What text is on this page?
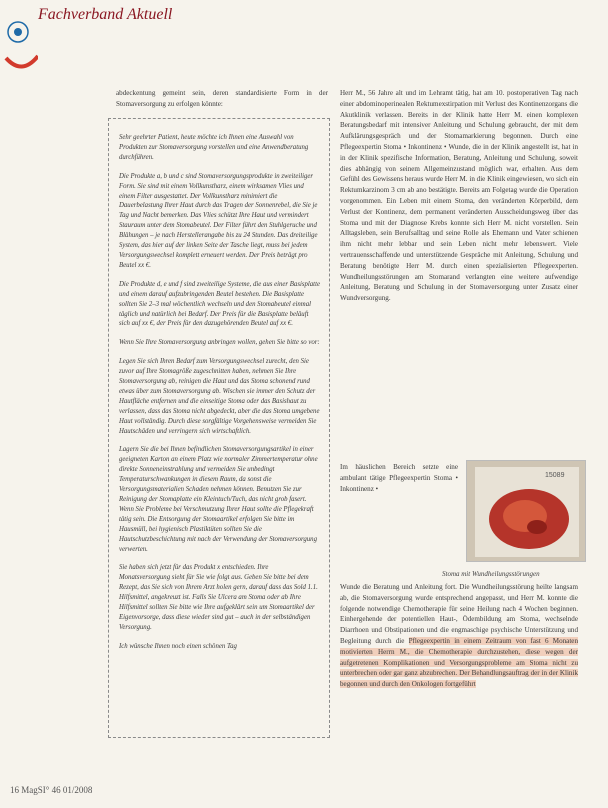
Fachverband Aktuell

abdeckentung gemeint sein, deren standardisierte Form in der Stomaversorgung zu erfolgen könnte:

Sehr geehrter Patient, heute möchte ich Ihnen eine Auswahl von Produkten zur Stomaversorgung vorstellen und eine Anwendberatung durchführen.

Die Produkte a, b und c sind Stomaversorgungsprodukte in zweiteiliger Form. Sie sind mit einem Vollkunstharz, einem wirksamen Vlies und einem Filter ausgestattet. Der Vollkunstharz minimiert die Dauerbelastung Ihrer Haut durch das Tragen der Sonnenrebel, die Sie je Tag und Nacht bemerken. Das Vlies schützt Ihre Haut und vermindert Stauraum unter dem Stomabeutel. Der Filter führt den Stuhlgeruche und Blähungen – je nach Herstellerangabe bis zu 24 Stunden. Das dreiteilige System, das hier auf der linken Seite der Tasche liegt, muss bei jedem Versorgungswechsel komplett erneuert werden. Der Preis beträgt pro Beutel xx €.

Die Produkte d, e und f sind zweiteilige Systeme, die aus einer Basisplatte und einem darauf aufzubringenden Beutel bestehen. Die Basisplatte sollten Sie 2–3 mal wöchentlich wechseln und den Stomabeutel einmal täglich und natürlich bei Bedarf. Der Preis für die Basisplatte beläuft sich auf xx €, der Preis für den dazugehörenden Beutel auf xx €.

Wenn Sie Ihre Stomaversorgung anbringen wollen, gehen Sie bitte so vor:

Legen Sie sich Ihren Bedarf zum Versorgungswechsel zurecht, den Sie zuvor auf Ihre Stomagröße zugeschnitten haben, nehmen Sie Ihre Stomaversorgung ab, reinigen die Haut und das Stoma schonend rund etwas über zum Stomaversorgung ab. Wischen sie immer den Schutz der Hautfläche entfernen und die einseitige Stoma oder das Basishaut zu verlassen, dass das Stoma nicht abgedeckt, aber die das Stoma umgebene Haut vollständig. Durch diese sorgfältige Vorgehensweise vermeiden Sie Hautschäden und verringern sich wirtschaftlich.

Lagern Sie die bei Ihnen befindlichen Stomaversorgungsartikel in einer geeigneten Karton an einem Platz wie normaler Zimmertemperatur ohne direkte Sonneneinstrahlung und vermeiden Sie unbedingt Temperaturschwankungen in diesem Raum, da sonst die Versorgungsmaterialien Schaden nehmen können. Benutzen Sie zur Reinigung der Stomaplatte ein Kleintuch/Tuch, das nicht grob fasert. Wenn Sie Probleme bei Verschmutzung Ihrer Haut sollte die Pflegekraft tätig sein. Die Entsorgung der Stomaartikel erfolgen Sie bitte im Hausmüll, bei hygienisch Plastiktüten sollten Sie die Hautschutzbeschichtung mit nach der Verwendung der Stomaversorgung verwerten.

Sie haben sich jetzt für das Produkt x entschieden. Ihre Monatsversorgung sieht für Sie wie folgt aus. Geben Sie bitte bei dem Rezept, das Sie sich von Ihrem Arzt holen gern, darauf dass das Sold 1.1. Hilfsmittel, angekreuzt ist. Falls Sie Ulcera am Stoma oder ab Ihre Hilfsmittel sollten Sie bitte wie Ihre aufgeklärt sein um Stomaartikel der Eigenvorsorge, dass diese wieder sind gut – auch in der selbständigen Versorgung.

Ich wünsche Ihnen noch einen schönen Tag

Herr M., 56 Jahre alt und im Lehramt tätig, hat am 10. postoperativen Tag nach einer abdominoperinealen Rektumexstirpation mit Verlust des Kontinenzorgans die Akutklinik verlassen. Bereits in der Klinik hatte Herr M. einen komplexen Beratungsbedarf mit intensiver Anleitung und Schulung gebraucht, der mit dem Aufklärungsgespräch und der Stomamarkierung begonnen. Durch eine Pflegeexpertin Stoma • Inkontinenz • Wunde, die in der Klinik angestellt ist, hat in in der Klinik spezifische Information, Beratung, Anleitung und Schulung, soweit dies abhängig von seinem Allgemeinzustand möglich war, erhalten. Aus dem Gefühl des Gewissens heraus wurde Herr M. in die Klinik eingewiesen, wo sich ein Rektumkarzinom 3 cm ab ano bestätigte. Bereits am Folgetag wurde die Operation vorgenommen. Ein Leben mit einem Stoma, den veränderten Körperbild, dem Verlust der Kontinenz, dem permanent veränderten Ausscheidungsweg über das Stoma und mit der Diagnose Krebs konnte sich Herr M. nicht vorstellen. Sein Alltagsleben, sein Berufsalltag und seine Rolle als Ehemann und Vater schienen ihm nicht mehr lebbar und sein Leben nicht mehr lebenswert. Viele vertrauensschaffende und unterstützende Gespräche mit Anleitung, Schulung und Beratung benötigte Herr M. durch einen spezialisierten Pflegeexperten. Wundheilungsstörungen am Stomarand verlangten eine weitere aufwendige Anleitung, Beratung und Schulung in der Stomaversorgung unter Zusatz einer Wundversorgung.

Im häuslichen Bereich setzte eine ambulant tätige Pflegeexpertin Stoma • Inkontinenz •

15089
Stoma mit Wundheilungsstörungen

Wunde die Beratung und Anleitung fort. Die Wundheilungsstörung heilte langsam ab, die Stomaversorgung wurde entsprechend angepasst, und Herr M. konnte die folgende notwendige Chemotherapie für seine Heilung nach 4 Wochen beginnen. Einhergehende der potentiellen Haut-, Ödembildung am Stoma, wechselnde Diarrhoen und Obstipationen und die engmaschige psychische Unterstützung und Begleitung durch die Pflegeexpertin in einem Zeitraum von fast 6 Monaten motivierten Herrn M., die Chemotherapie durchzustehen, diese wegen der aufgetretenen Komplikationen und Versorgungsprobleme am Stoma nicht zu unterbrechen oder gar ganz abzubrechen. Der Behandlungsauftrag der in der Klinik begonnen und durch den Onkologen fortgeführt

16 MagSI° 46 01/2008
